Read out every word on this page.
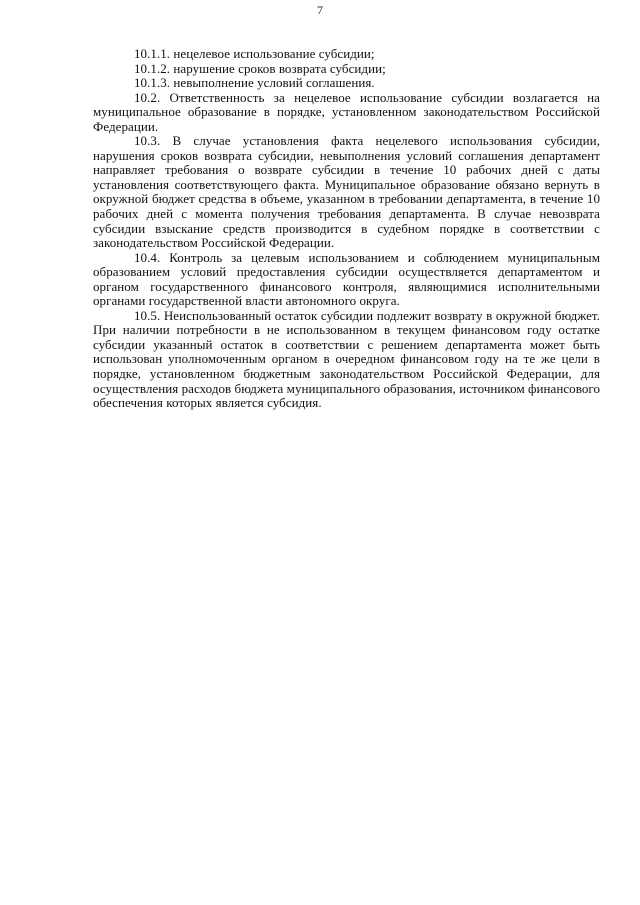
7

10.1.1. нецелевое использование субсидии;

10.1.2. нарушение сроков возврата субсидии;

10.1.3. невыполнение условий соглашения.

10.2. Ответственность за нецелевое использование субсидии возлагается на муниципальное образование в порядке, установленном законодательством Российской Федерации.

10.3. В случае установления факта нецелевого использования субсидии, нарушения сроков возврата субсидии, невыполнения условий соглашения департамент направляет требования о возврате субсидии в течение 10 рабочих дней с даты установления соответствующего факта. Муниципальное образование обязано вернуть в окружной бюджет средства в объеме, указанном в требовании департамента, в течение 10 рабочих дней с момента получения требования департамента. В случае невозврата субсидии взыскание средств производится в судебном порядке в соответствии с законодательством Российской Федерации.

10.4. Контроль за целевым использованием и соблюдением муниципальным образованием условий предоставления субсидии осуществляется департаментом и органом государственного финансового контроля, являющимися исполнительными органами государственной власти автономного округа.

10.5. Неиспользованный остаток субсидии подлежит возврату в окружной бюджет. При наличии потребности в не использованном в текущем финансовом году остатке субсидии указанный остаток в соответствии с решением департамента может быть использован уполномоченным органом в очередном финансовом году на те же цели в порядке, установленном бюджетным законодательством Российской Федерации, для осуществления расходов бюджета муниципального образования, источником финансового обеспечения которых является субсидия.
